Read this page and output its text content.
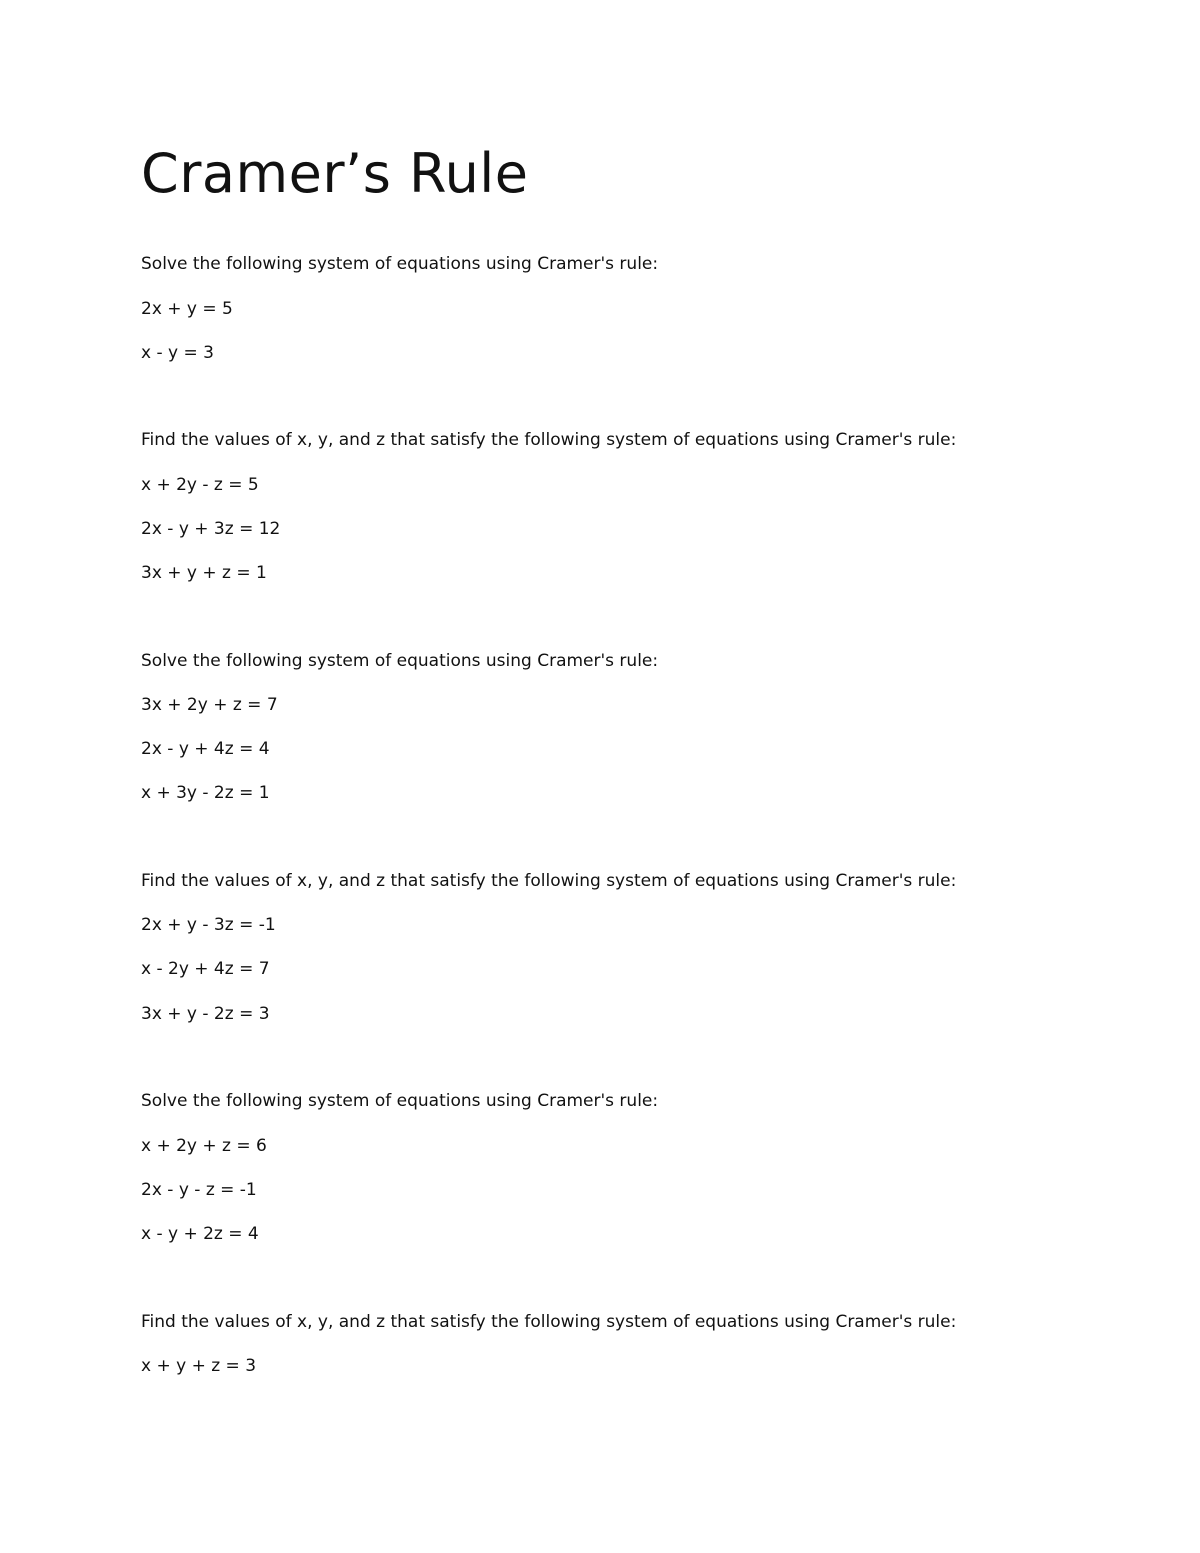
Cramer’s Rule

Solve the following system of equations using Cramer's rule:

2x + y = 5

x - y = 3

Find the values of x, y, and z that satisfy the following system of equations using Cramer's rule:

x + 2y - z = 5

2x - y + 3z = 12

3x + y + z = 1

Solve the following system of equations using Cramer's rule:

3x + 2y + z = 7

2x - y + 4z = 4

x + 3y - 2z = 1

Find the values of x, y, and z that satisfy the following system of equations using Cramer's rule:

2x + y - 3z = -1

x - 2y + 4z = 7

3x + y - 2z = 3

Solve the following system of equations using Cramer's rule:

x + 2y + z = 6

2x - y - z = -1

x - y + 2z = 4

Find the values of x, y, and z that satisfy the following system of equations using Cramer's rule:

x + y + z = 3
